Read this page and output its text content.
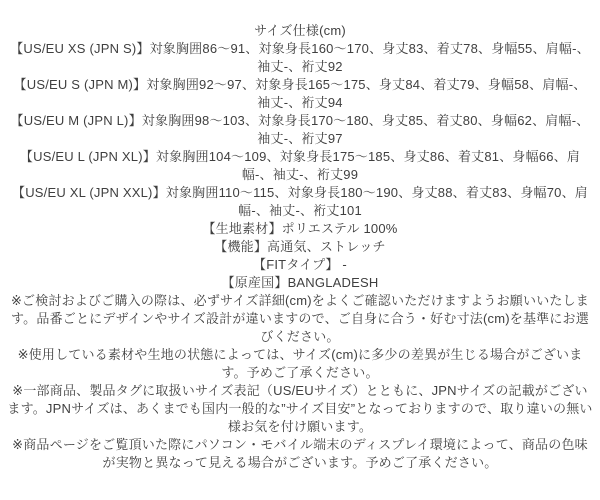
サイズ仕様(cm)

【US/EU XS (JPN S)】対象胸囲86〜91、対象身長160〜170、身丈83、着丈78、身幅55、肩幅-、袖丈-、裄丈92

【US/EU S (JPN M)】対象胸囲92〜97、対象身長165〜175、身丈84、着丈79、身幅58、肩幅-、袖丈-、裄丈94

【US/EU M (JPN L)】対象胸囲98〜103、対象身長170〜180、身丈85、着丈80、身幅62、肩幅-、袖丈-、裄丈97

【US/EU L (JPN XL)】対象胸囲104〜109、対象身長175〜185、身丈86、着丈81、身幅66、肩幅-、袖丈-、裄丈99

【US/EU XL (JPN XXL)】対象胸囲110〜115、対象身長180〜190、身丈88、着丈83、身幅70、肩幅-、袖丈-、裄丈101

【生地素材】ポリエステル 100%

【機能】高通気、ストレッチ

【FITタイプ】 -

【原産国】BANGLADESH

※ご検討およびご購入の際は、必ずサイズ詳細(cm)をよくご確認いただけますようお願いいたします。品番ごとにデザインやサイズ設計が違いますので、ご自身に合う・好む寸法(cm)を基準にお選びください。

※使用している素材や生地の状態によっては、サイズ(cm)に多少の差異が生じる場合がございます。予めご了承ください。

※一部商品、製品タグに取扱いサイズ表記（US/EUサイズ）とともに、JPNサイズの記載がございます。JPNサイズは、あくまでも国内一般的な”サイズ目安”となっておりますので、取り違いの無い様お気を付け願います。

※商品ページをご覧頂いた際にパソコン・モバイル端末のディスプレイ環境によって、商品の色味が実物と異なって見える場合がございます。予めご了承ください。
